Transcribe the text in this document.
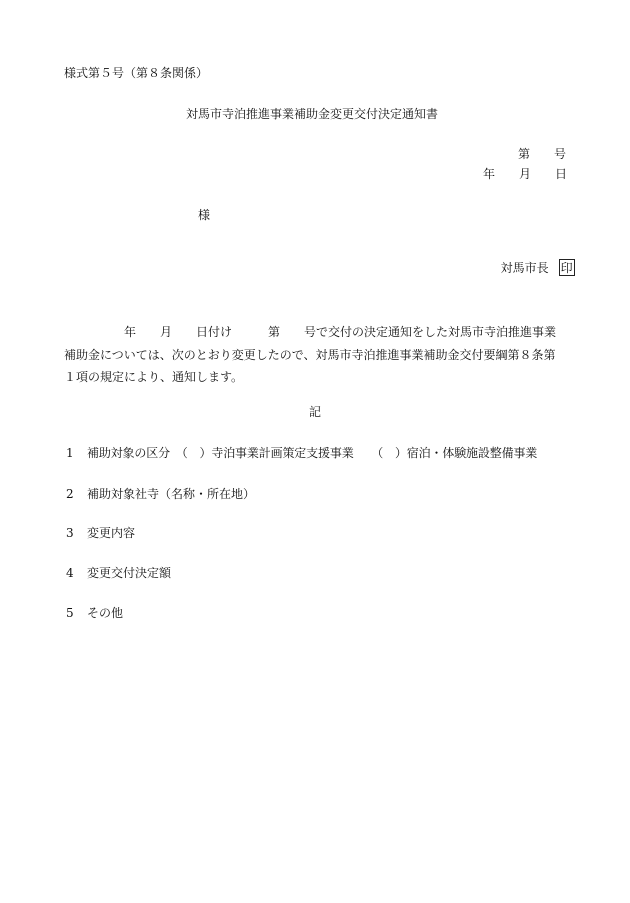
様式第５号（第８条関係）
対馬市寺泊推進事業補助金変更交付決定通知書
第　　号
年　　月　　日
様

対馬市長 印

　　　　　年　　月　　日付け　　　第　　号で交付の決定通知をした対馬市寺泊推進事業
補助金については、次のとおり変更したので、対馬市寺泊推進事業補助金交付要綱第８条第
１項の規定により、通知します。
記
1 補助対象の区分　（　）寺泊事業計画策定支援事業　　（　）宿泊・体験施設整備事業
2 補助対象社寺（名称・所在地）
3 変更内容
4 変更交付決定額
5 その他
